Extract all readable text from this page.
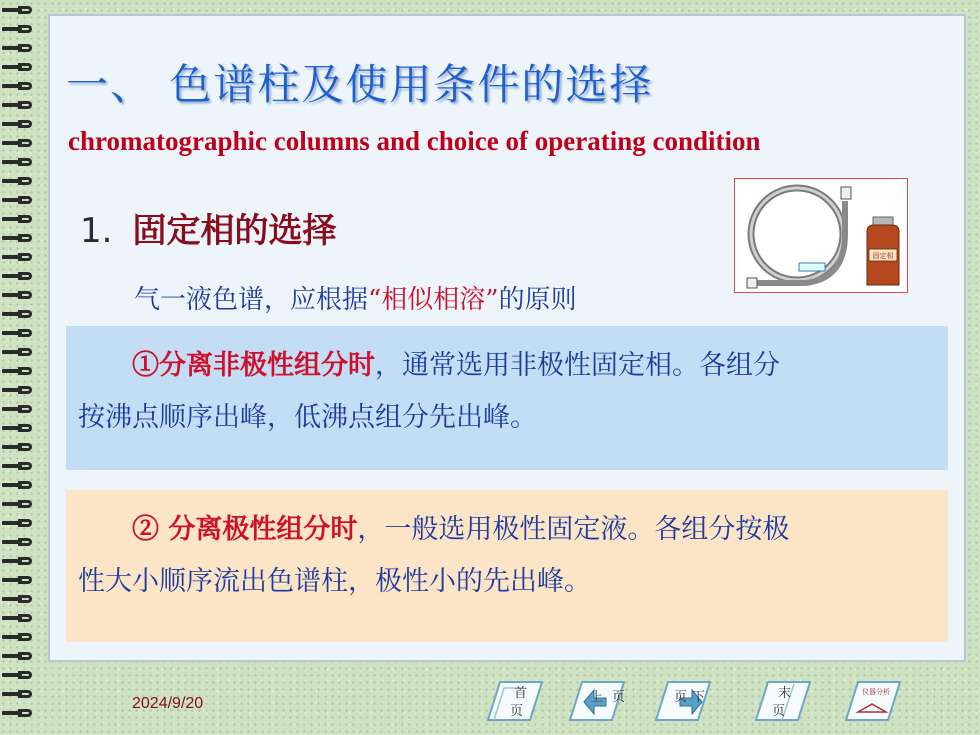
一、 色谱柱及使用条件的选择
chromatographic columns and choice of operating condition
1. 固定相的选择

气一液色谱，应根据“相似相溶”的原则

固定相

①分离非极性组分时，通常选用非极性固定相。各组分

按沸点顺序出峰，低沸点组分先出峰。

② 分离极性组分时，一般选用极性固定液。各组分按极

性大小顺序流出色谱柱，极性小的先出峰。

2024/9/20
首
页
上 页	页 下	末
页
仪器分析
